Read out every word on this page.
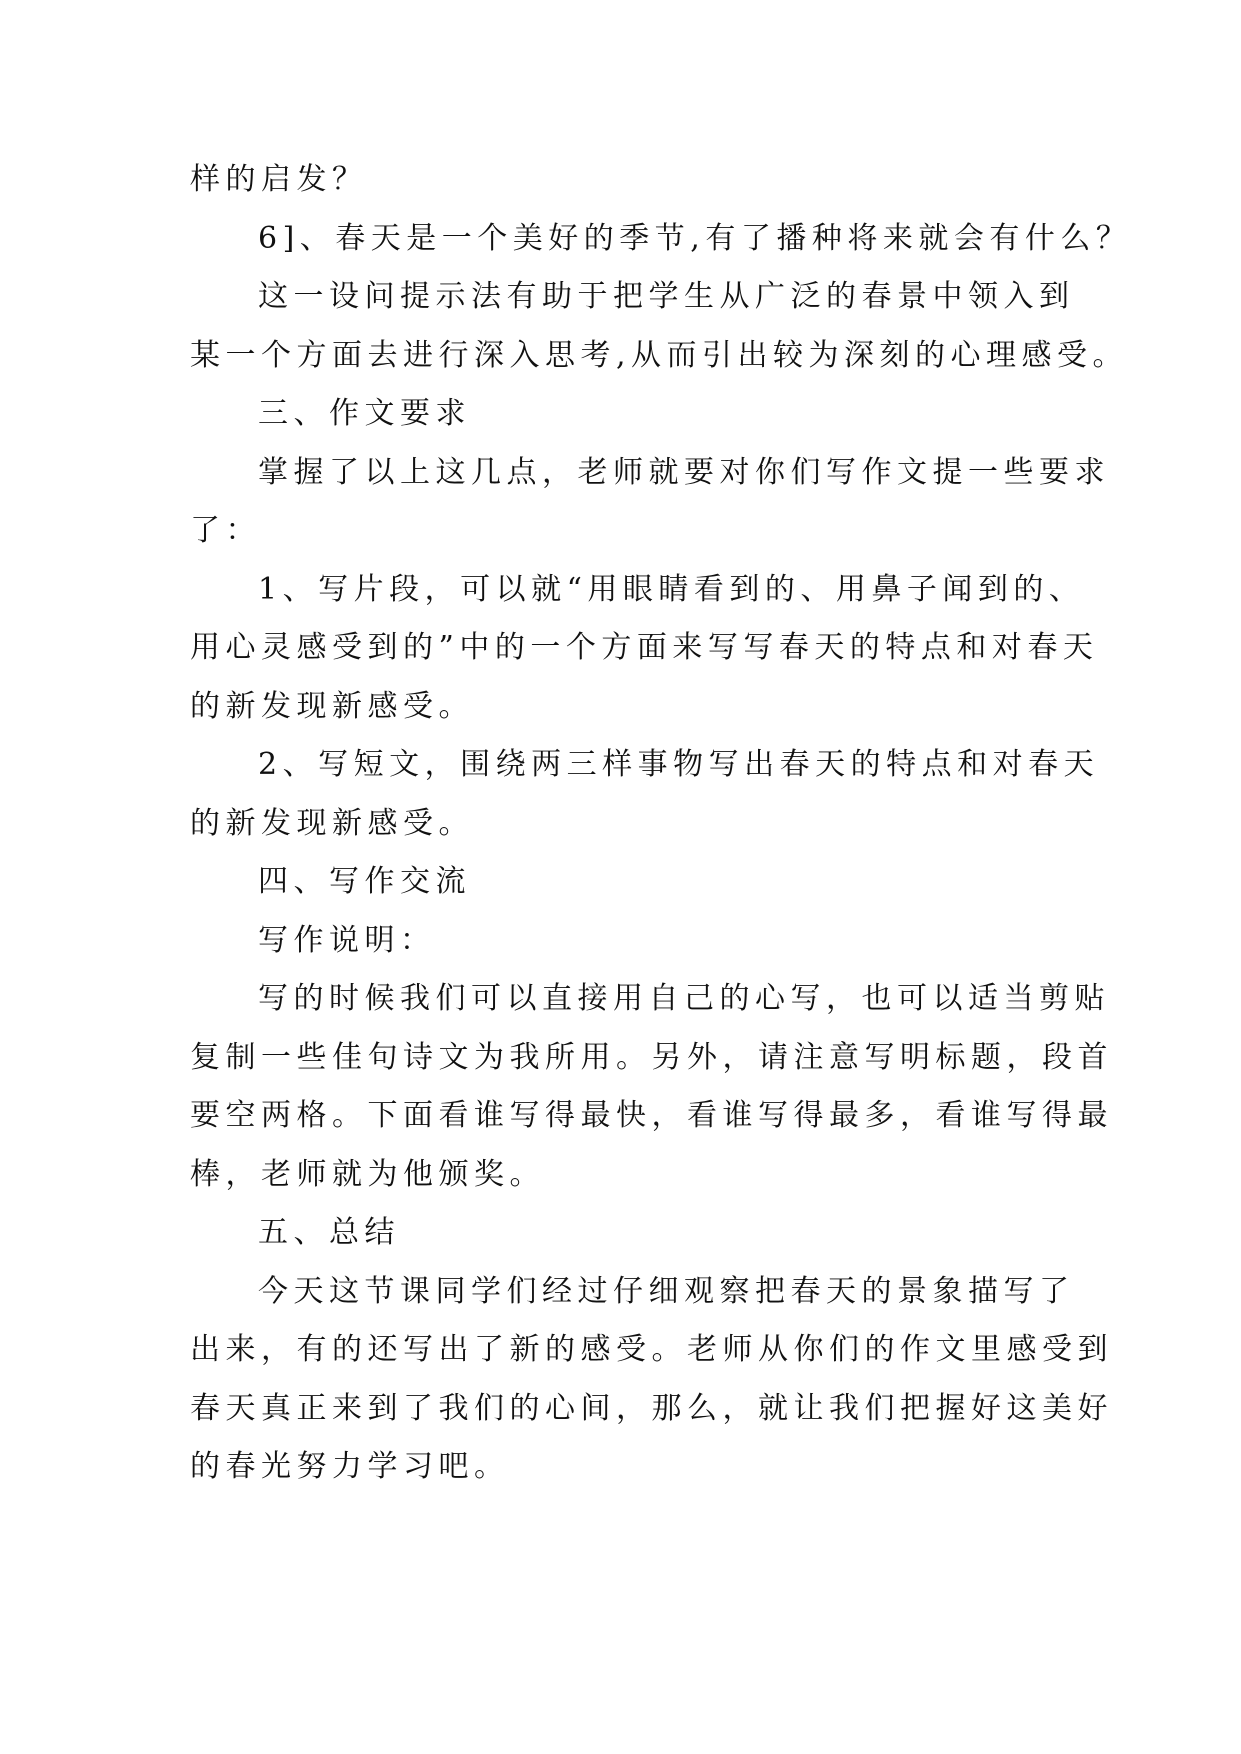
样的启发？

6]、春天是一个美好的季节,有了播种将来就会有什么？

这一设问提示法有助于把学生从广泛的春景中领入到

某一个方面去进行深入思考,从而引出较为深刻的心理感受。

三、作文要求

掌握了以上这几点，老师就要对你们写作文提一些要求

了：

1、写片段，可以就“用眼睛看到的、用鼻子闻到的、

用心灵感受到的”中的一个方面来写写春天的特点和对春天

的新发现新感受。

2、写短文，围绕两三样事物写出春天的特点和对春天

的新发现新感受。

四、写作交流

写作说明：

写的时候我们可以直接用自己的心写，也可以适当剪贴

复制一些佳句诗文为我所用。另外，请注意写明标题，段首

要空两格。下面看谁写得最快，看谁写得最多，看谁写得最

棒，老师就为他颁奖。

五、总结

今天这节课同学们经过仔细观察把春天的景象描写了

出来，有的还写出了新的感受。老师从你们的作文里感受到

春天真正来到了我们的心间，那么，就让我们把握好这美好

的春光努力学习吧。
